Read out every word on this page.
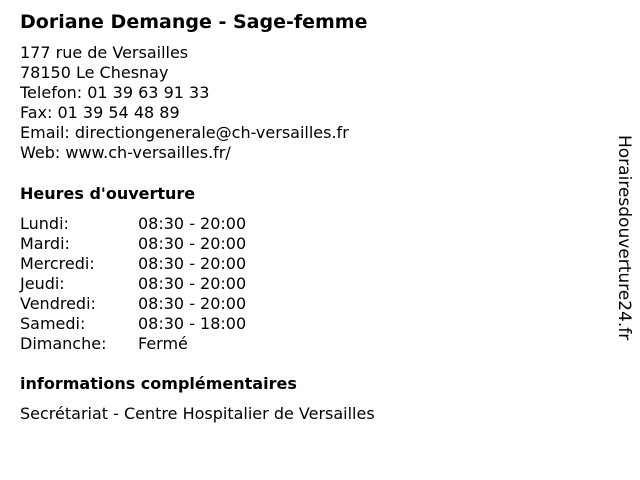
Doriane Demange - Sage-femme
177 rue de Versailles
78150 Le Chesnay
Telefon: 01 39 63 91 33
Fax: 01 39 54 48 89
Email: directiongenerale@ch-versailles.fr
Web: www.ch-versailles.fr/
Heures d'ouverture
Lundi:	08:30 - 20:00
Mardi:	08:30 - 20:00
Mercredi:	08:30 - 20:00
Jeudi:	08:30 - 20:00
Vendredi:	08:30 - 20:00
Samedi:	08:30 - 18:00
Dimanche:	Fermé
informations complémentaires
Secrétariat - Centre Hospitalier de Versailles
Horairesdouverture24.fr
